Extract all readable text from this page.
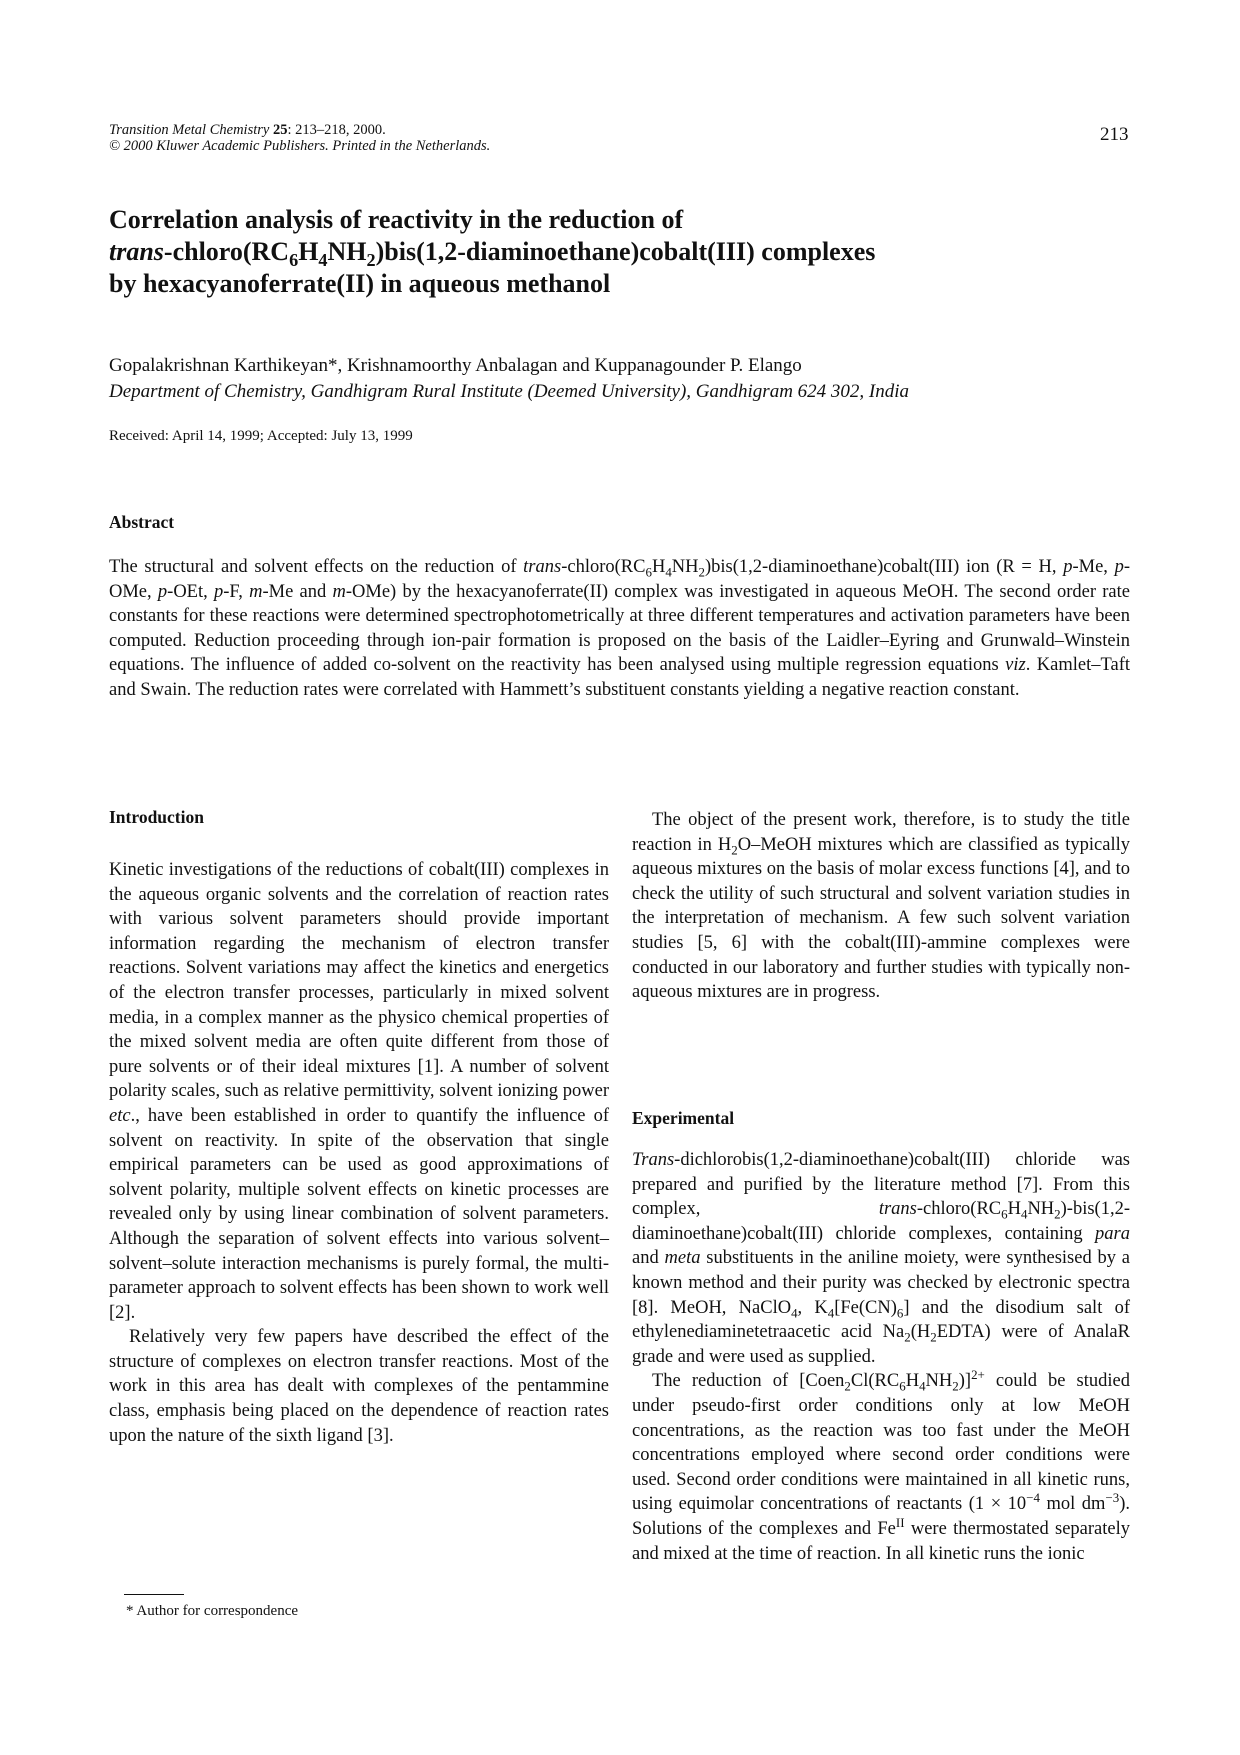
Transition Metal Chemistry 25: 213–218, 2000.
© 2000 Kluwer Academic Publishers. Printed in the Netherlands.
213
Correlation analysis of reactivity in the reduction of
trans-$chloro(RC_6H_4NH_2)bis(1,2-diaminoethane)cobalt(III)$ complexes
by hexacyanoferrate(II) in aqueous methanol
Gopalakrishnan Karthikeyan*, Krishnamoorthy Anbalagan and Kuppanagounder P. Elango
Department of Chemistry, Gandhigram Rural Institute (Deemed University), Gandhigram 624 302, India
Received: April 14, 1999; Accepted: July 13, 1999
Abstract
The structural and solvent effects on the reduction of trans-$chloro(RC_6H_4NH_2)bis(1,2-diaminoethane)cobalt(III)$ ion (R = H, p-Me, p-OMe, p-OEt, p-F, m-Me and m-OMe) by the hexacyanoferrate(II) complex was investigated in aqueous MeOH. The second order rate constants for these reactions were determined spectrophotometrically at three different temperatures and activation parameters have been computed. Reduction proceeding through ion-pair formation is proposed on the basis of the Laidler–Eyring and Grunwald–Winstein equations. The influence of added co-solvent on the reactivity has been analysed using multiple regression equations viz. Kamlet–Taft and Swain. The reduction rates were correlated with Hammett’s substituent constants yielding a negative reaction constant.
Introduction

Kinetic investigations of the reductions of cobalt(III) complexes in the aqueous organic solvents and the correlation of reaction rates with various solvent parameters should provide important information regarding the mechanism of electron transfer reactions. Solvent variations may affect the kinetics and energetics of the electron transfer processes, particularly in mixed solvent media, in a complex manner as the physico chemical properties of the mixed solvent media are often quite different from those of pure solvents or of their ideal mixtures [1]. A number of solvent polarity scales, such as relative permittivity, solvent ionizing power etc., have been established in order to quantify the influence of solvent on reactivity. In spite of the observation that single empirical parameters can be used as good approximations of solvent polarity, multiple solvent effects on kinetic processes are revealed only by using linear combination of solvent parameters. Although the separation of solvent effects into various solvent–solvent–solute interaction mechanisms is purely formal, the multi-parameter approach to solvent effects has been shown to work well [2].

Relatively very few papers have described the effect of the structure of complexes on electron transfer reactions. Most of the work in this area has dealt with complexes of the pentammine class, emphasis being placed on the dependence of reaction rates upon the nature of the sixth ligand [3].

* Author for correspondence

The object of the present work, therefore, is to study the title reaction in $H_2O$–MeOH mixtures which are classified as typically aqueous mixtures on the basis of molar excess functions [4], and to check the utility of such structural and solvent variation studies in the interpretation of mechanism. A few such solvent variation studies [5, 6] with the cobalt(III)-ammine complexes were conducted in our laboratory and further studies with typically non-aqueous mixtures are in progress.

Experimental

Trans-dichlorobis(1,2-diaminoethane)cobalt(III) chloride was prepared and purified by the literature method [7]. From this complex, trans-$chloro(RC_6H_4NH_2)-bis(1,2-diaminoethane)cobalt(III)$ chloride complexes, containing para and meta substituents in the aniline moiety, were synthesised by a known method and their purity was checked by electronic spectra [8]. MeOH, NaClO$_4$, $K_4[Fe(CN)_6]$ and the disodium salt of ethylenediaminetetraacetic acid $Na_2(H_2EDTA)$ were of AnalaR grade and were used as supplied.

The reduction of $[Coen_2Cl(RC_6H_4NH_2)]^{2+}$ could be studied under pseudo-first order conditions only at low MeOH concentrations, as the reaction was too fast under the MeOH concentrations employed where second order conditions were used. Second order conditions were maintained in all kinetic runs, using equimolar concentrations of reactants ($1 \times 10^{-4}$ mol $dm^{-3}$). Solutions of the complexes and $Fe^{II}$ were thermostated separately and mixed at the time of reaction. In all kinetic runs the ionic
